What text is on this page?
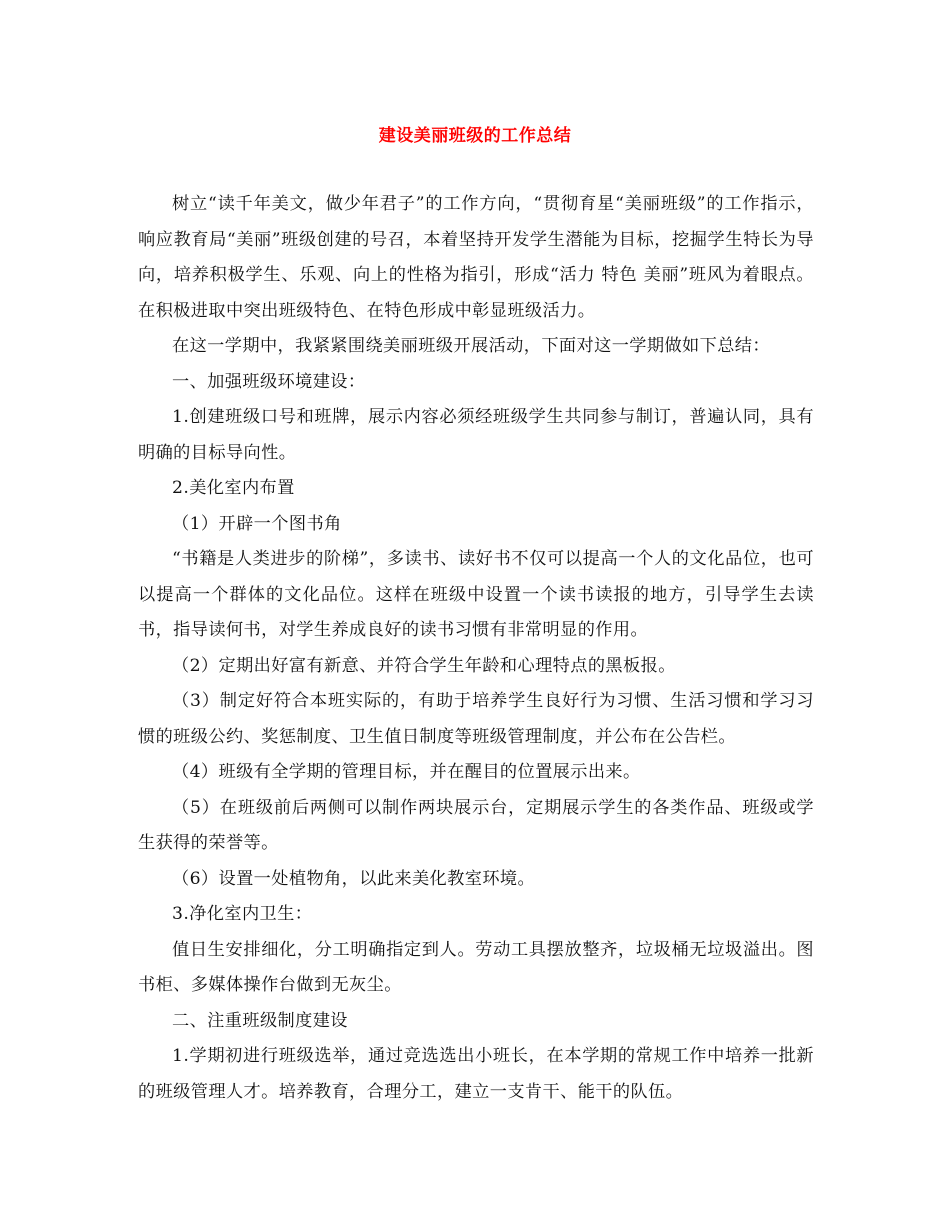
建设美丽班级的工作总结

树立“读千年美文，做少年君子”的工作方向，“贯彻育星“美丽班级”的工作指示，响应教育局“美丽”班级创建的号召，本着坚持开发学生潜能为目标，挖掘学生特长为导向，培养积极学生、乐观、向上的性格为指引，形成“活力 特色 美丽”班风为着眼点。在积极进取中突出班级特色、在特色形成中彰显班级活力。

在这一学期中，我紧紧围绕美丽班级开展活动，下面对这一学期做如下总结：

一、加强班级环境建设：

1.创建班级口号和班牌，展示内容必须经班级学生共同参与制订，普遍认同，具有明确的目标导向性。

2.美化室内布置

（1）开辟一个图书角

“书籍是人类进步的阶梯”，多读书、读好书不仅可以提高一个人的文化品位，也可以提高一个群体的文化品位。这样在班级中设置一个读书读报的地方，引导学生去读书，指导读何书，对学生养成良好的读书习惯有非常明显的作用。

（2）定期出好富有新意、并符合学生年龄和心理特点的黑板报。

（3）制定好符合本班实际的，有助于培养学生良好行为习惯、生活习惯和学习习惯的班级公约、奖惩制度、卫生值日制度等班级管理制度，并公布在公告栏。

（4）班级有全学期的管理目标，并在醒目的位置展示出来。

（5）在班级前后两侧可以制作两块展示台，定期展示学生的各类作品、班级或学生获得的荣誉等。

（6）设置一处植物角，以此来美化教室环境。

3.净化室内卫生：

值日生安排细化，分工明确指定到人。劳动工具摆放整齐，垃圾桶无垃圾溢出。图书柜、多媒体操作台做到无灰尘。

二、注重班级制度建设

1.学期初进行班级选举，通过竞选选出小班长，在本学期的常规工作中培养一批新的班级管理人才。培养教育，合理分工，建立一支肯干、能干的队伍。
